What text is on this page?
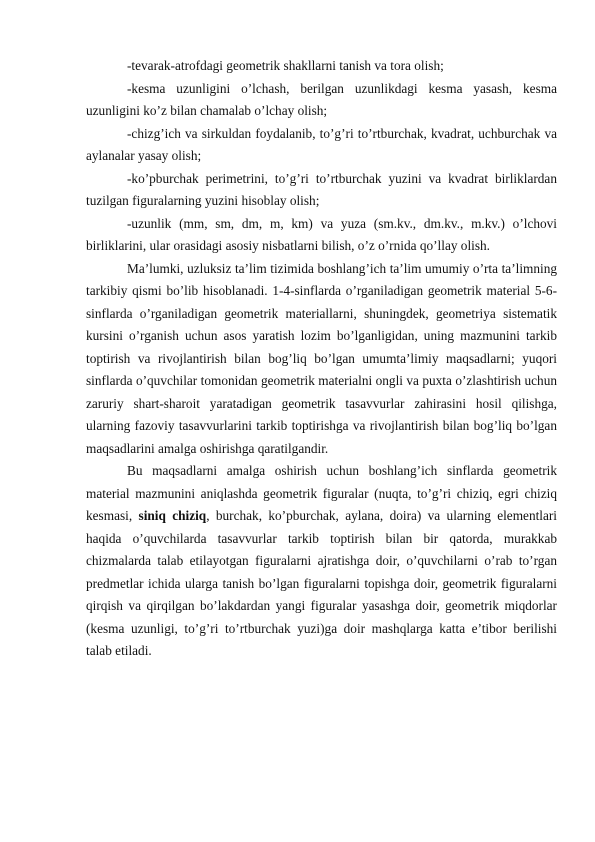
-tevarak-atrofdagi geometrik shakllarni tanish va tora olish;

-kesma uzunligini o’lchash, berilgan uzunlikdagi kesma yasash, kesma uzunligini ko’z bilan chamalab o’lchay olish;

-chizg’ich va sirkuldan foydalanib, to’g’ri to’rtburchak, kvadrat, uchburchak va aylanalar yasay olish;

-ko’pburchak perimetrini, to’g’ri to’rtburchak yuzini va kvadrat birliklardan tuzilgan figuralarning yuzini hisoblay olish;

-uzunlik (mm, sm, dm, m, km) va yuza (sm.kv., dm.kv., m.kv.) o’lchovi birliklarini, ular orasidagi asosiy nisbatlarni bilish, o’z o’rnida qo’llay olish.

Ma’lumki, uzluksiz ta’lim tizimida boshlang’ich ta’lim umumiy o’rta ta’limning tarkibiy qismi bo’lib hisoblanadi. 1-4-sinflarda o’rganiladigan geometrik material 5-6-sinflarda o’rganiladigan geometrik materiallarni, shuningdek, geometriya sistematik kursini o’rganish uchun asos yaratish lozim bo’lganligidan, uning mazmunini tarkib toptirish va rivojlantirish bilan bog’liq bo’lgan umumta’limiy maqsadlarni; yuqori sinflarda o’quvchilar tomonidan geometrik materialni ongli va puxta o’zlashtirish uchun zaruriy shart-sharoit yaratadigan geometrik tasavvurlar zahirasini hosil qilishga, ularning fazoviy tasavvurlarini tarkib toptirishga va rivojlantirish bilan bog’liq bo’lgan maqsadlarini amalga oshirishga qaratilgandir.

Bu maqsadlarni amalga oshirish uchun boshlang’ich sinflarda geometrik material mazmunini aniqlashda geometrik figuralar (nuqta, to’g’ri chiziq, egri chiziq kesmasi, siniq chiziq, burchak, ko’pburchak, aylana, doira) va ularning elementlari haqida o’quvchilarda tasavvurlar tarkib toptirish bilan bir qatorda, murakkab chizmalarda talab etilayotgan figuralarni ajratishga doir, o’quvchilarni o’rab to’rgan predmetlar ichida ularga tanish bo’lgan figuralarni topishga doir, geometrik figuralarni qirqish va qirqilgan bo’lakdardan yangi figuralar yasashga doir, geometrik miqdorlar (kesma uzunligi, to’g’ri to’rtburchak yuzi)ga doir mashqlarga katta e’tibor berilishi talab etiladi.
